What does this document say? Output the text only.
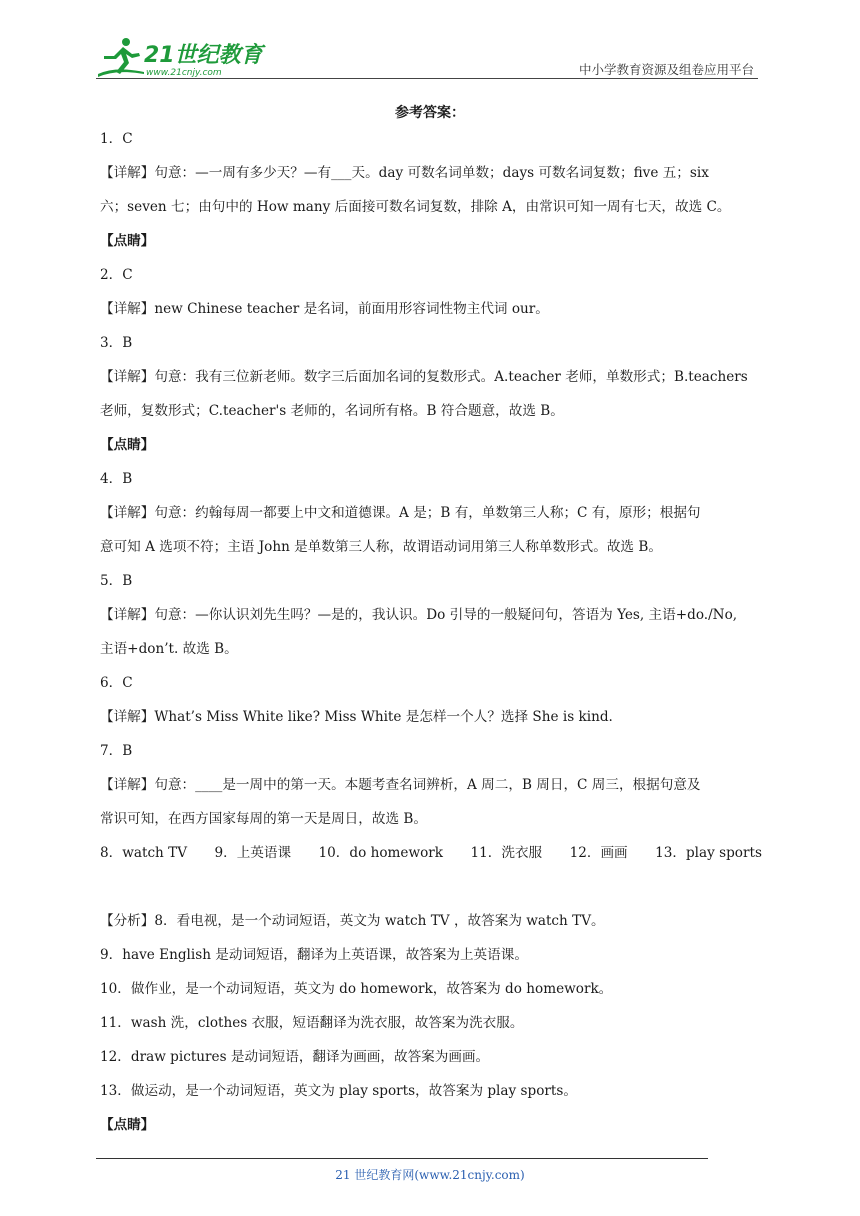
21世纪教育
www.21cnjy.com	中小学教育资源及组卷应用平台
参考答案：
1．C
【详解】句意：—一周有多少天？—有___天。day 可数名词单数；days 可数名词复数；five 五；six
六；seven 七；由句中的 How many 后面接可数名词复数，排除 A，由常识可知一周有七天，故选 C。
【点睛】
2．C
【详解】new Chinese teacher 是名词，前面用形容词性物主代词 our。
3．B
【详解】句意：我有三位新老师。数字三后面加名词的复数形式。A.teacher 老师，单数形式；B.teachers
老师，复数形式；C.teacher's 老师的，名词所有格。B 符合题意，故选 B。
【点睛】
4．B
【详解】句意：约翰每周一都要上中文和道德课。A 是；B 有，单数第三人称；C 有，原形；根据句
意可知 A 选项不符；主语 John 是单数第三人称，故谓语动词用第三人称单数形式。故选 B。
5．B
【详解】句意：—你认识刘先生吗？—是的，我认识。Do 引导的一般疑问句，答语为 Yes, 主语+do./No,
主语+don’t. 故选 B。
6．C
【详解】What’s Miss White like? Miss White 是怎样一个人？选择 She is kind.
7．B
【详解】句意：____是一周中的第一天。本题考查名词辨析，A 周二，B 周日，C 周三，根据句意及
常识可知，在西方国家每周的第一天是周日，故选 B。
8．watch TV 9．上英语课 10．do homework 11．洗衣服 12．画画 13．play sports
【分析】8．看电视，是一个动词短语，英文为 watch TV ，故答案为 watch TV。
9．have English 是动词短语，翻译为上英语课，故答案为上英语课。
10．做作业，是一个动词短语，英文为 do homework，故答案为 do homework。
11．wash 洗，clothes 衣服，短语翻译为洗衣服，故答案为洗衣服。
12．draw pictures 是动词短语，翻译为画画，故答案为画画。
13．做运动，是一个动词短语，英文为 play sports，故答案为 play sports。
【点睛】
21 世纪教育网(www.21cnjy.com)
